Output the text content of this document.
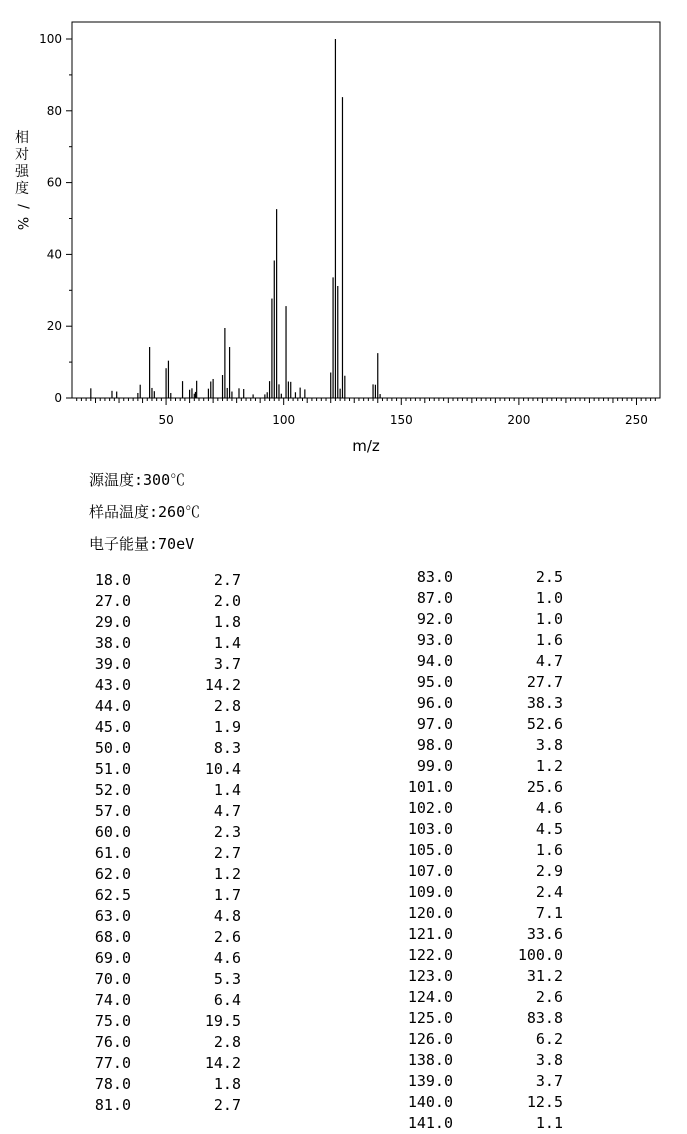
0
20
40
60
80
100
50	100	150	200	250
m/z
相
对
强
度
/
%
源温度:300℃
样品温度:260℃
电子能量:70eV
18.0	2.7
27.0	2.0
29.0	1.8
38.0	1.4
39.0	3.7
43.0	14.2
44.0	2.8
45.0	1.9
50.0	8.3
51.0	10.4
52.0	1.4
57.0	4.7
60.0	2.3
61.0	2.7
62.0	1.2
62.5	1.7
63.0	4.8
68.0	2.6
69.0	4.6
70.0	5.3
74.0	6.4
75.0	19.5
76.0	2.8
77.0	14.2
78.0	1.8
81.0	2.7
83.0	2.5
87.0	1.0
92.0	1.0
93.0	1.6
94.0	4.7
95.0	27.7
96.0	38.3
97.0	52.6
98.0	3.8
99.0	1.2
101.0	25.6
102.0	4.6
103.0	4.5
105.0	1.6
107.0	2.9
109.0	2.4
120.0	7.1
121.0	33.6
122.0	100.0
123.0	31.2
124.0	2.6
125.0	83.8
126.0	6.2
138.0	3.8
139.0	3.7
140.0	12.5
141.0	1.1
